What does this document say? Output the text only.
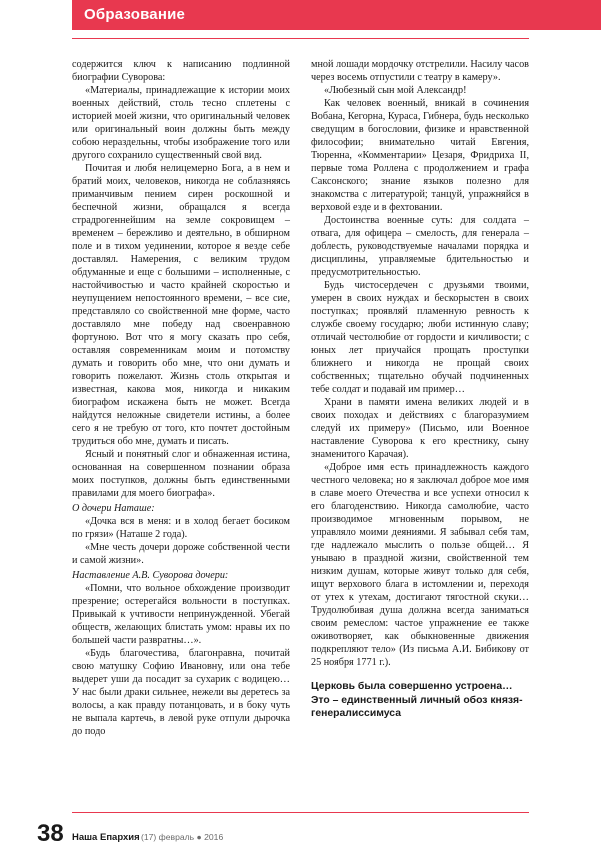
Образование

содержится ключ к написанию подлинной биографии Суворова:

«Материалы, принадлежащие к истории моих военных действий, столь тесно сплетены с историей моей жизни, что оригинальный человек или оригинальный воин должны быть между собою нераздельны, чтобы изображение того или другого сохранило существенный свой вид.

Почитая и любя нелицемерно Бога, а в нем и братий моих, человеков, никогда не соблазняясь приманчивым пением сирен роскошной и беспечной жизни, обращался я всегда страдрогеннейшим на земле сокровищем – временем – бережливо и деятельно, в обширном поле и в тихом уединении, которое я везде себе доставлял. Намерения, с великим трудом обдуманные и еще с большими – исполненные, с настойчивостью и часто крайней скоростью и неупущением непостоянного времени, – все сие, представляло со свойственной мне форме, часто доставляло мне победу над своенравною фортуною. Вот что я могу сказать про себя, оставляя современникам моим и потомству думать и говорить обо мне, что они думать и говорить пожелают. Жизнь столь открытая и известная, какова моя, никогда и никаким биографом искажена быть не может. Всегда найдутся неложные свидетели истины, а более сего я не требую от того, кто почтет достойным трудиться обо мне, думать и писать.

Ясный и понятный слог и обнаженная истина, основанная на совершенном познании образа моих поступков, должны быть единственными правилами для моего биографа».

О дочери Наташе:

«Дочка вся в меня: и в холод бегает босиком по грязи» (Наташе 2 года).

«Мне честь дочери дороже собственной чести и самой жизни».

Наставление А.В. Суворова дочери:

«Помни, что вольное обхождение производит презрение; остерегайся вольности в поступках. Привыкай к учтивости непринужденной. Убегай обществ, желающих блистать умом: нравы их по большей части развратны…».

«Будь благочестива, благонравна, почитай свою матушку Софию Ивановну, или она тебе выдерет уши да посадит за сухарик с водицею… У нас были драки сильнее, нежели вы деретесь за волосы, а как правду потанцовать, и в боку чуть не выпала картечь, в левой руке отпули дырочка до подо

мной лошади мордочку отстрелили. Насилу часов через восемь отпустили с театру в камеру».

«Любезный сын мой Александр!

Как человек военный, вникай в сочинения Вобана, Кегорна, Кураса, Гибнера, будь несколько сведущим в богословии, физике и нравственной философии; внимательно читай Евгения, Тюренна, «Комментарии» Цезаря, Фридриха II, первые тома Роллена с продолжением и графа Саксонского; знание языков полезно для знакомства с литературой; танцуй, упражняйся в верховой езде и в фехтовании.

Достоинства военные суть: для солдата – отвага, для офицера – смелость, для генерала – доблесть, руководствуемые началами порядка и дисциплины, управляемые бдительностью и предусмотрительностью.

Будь чистосердечен с друзьями твоими, умерен в своих нуждах и бескорыстен в своих поступках; проявляй пламенную ревность к службе своему государю; люби истинную славу; отличай честолюбие от гордости и кичливости; с юных лет приучайся прощать проступки ближнего и никогда не прощай своих собственных; тщательно обучай подчиненных тебе солдат и подавай им пример…

Храни в памяти имена великих людей и в своих походах и действиях с благоразумием следуй их примеру» (Письмо, или Военное наставление Суворова к его крестнику, сыну знаменитого Карачая).

«Доброе имя есть принадлежность каждого честного человека; но я заключал доброе мое имя в славе моего Отечества и все успехи относил к его благоденствию. Никогда самолюбие, часто производимое мгновенным порывом, не управляло моими деяниями. Я забывал себя там, где надлежало мыслить о пользе общей… Я унываю в праздной жизни, свойственной тем низким душам, которые живут только для себя, ищут верхового блага в истомлении и, переходя от утех к утехам, достигают тягостной скуки… Трудолюбивая душа должна всегда заниматься своим ремеслом: частое упражнение ее также оживотворяет, как обыкновенные движения подкрепляют тело» (Из письма А.И. Бибикову от 25 ноября 1771 г.).

Церковь была совершенно устроена… Это – единственный личный обоз князя-генералиссимуса

38 Наша Епархия (17) февраль ● 2016
